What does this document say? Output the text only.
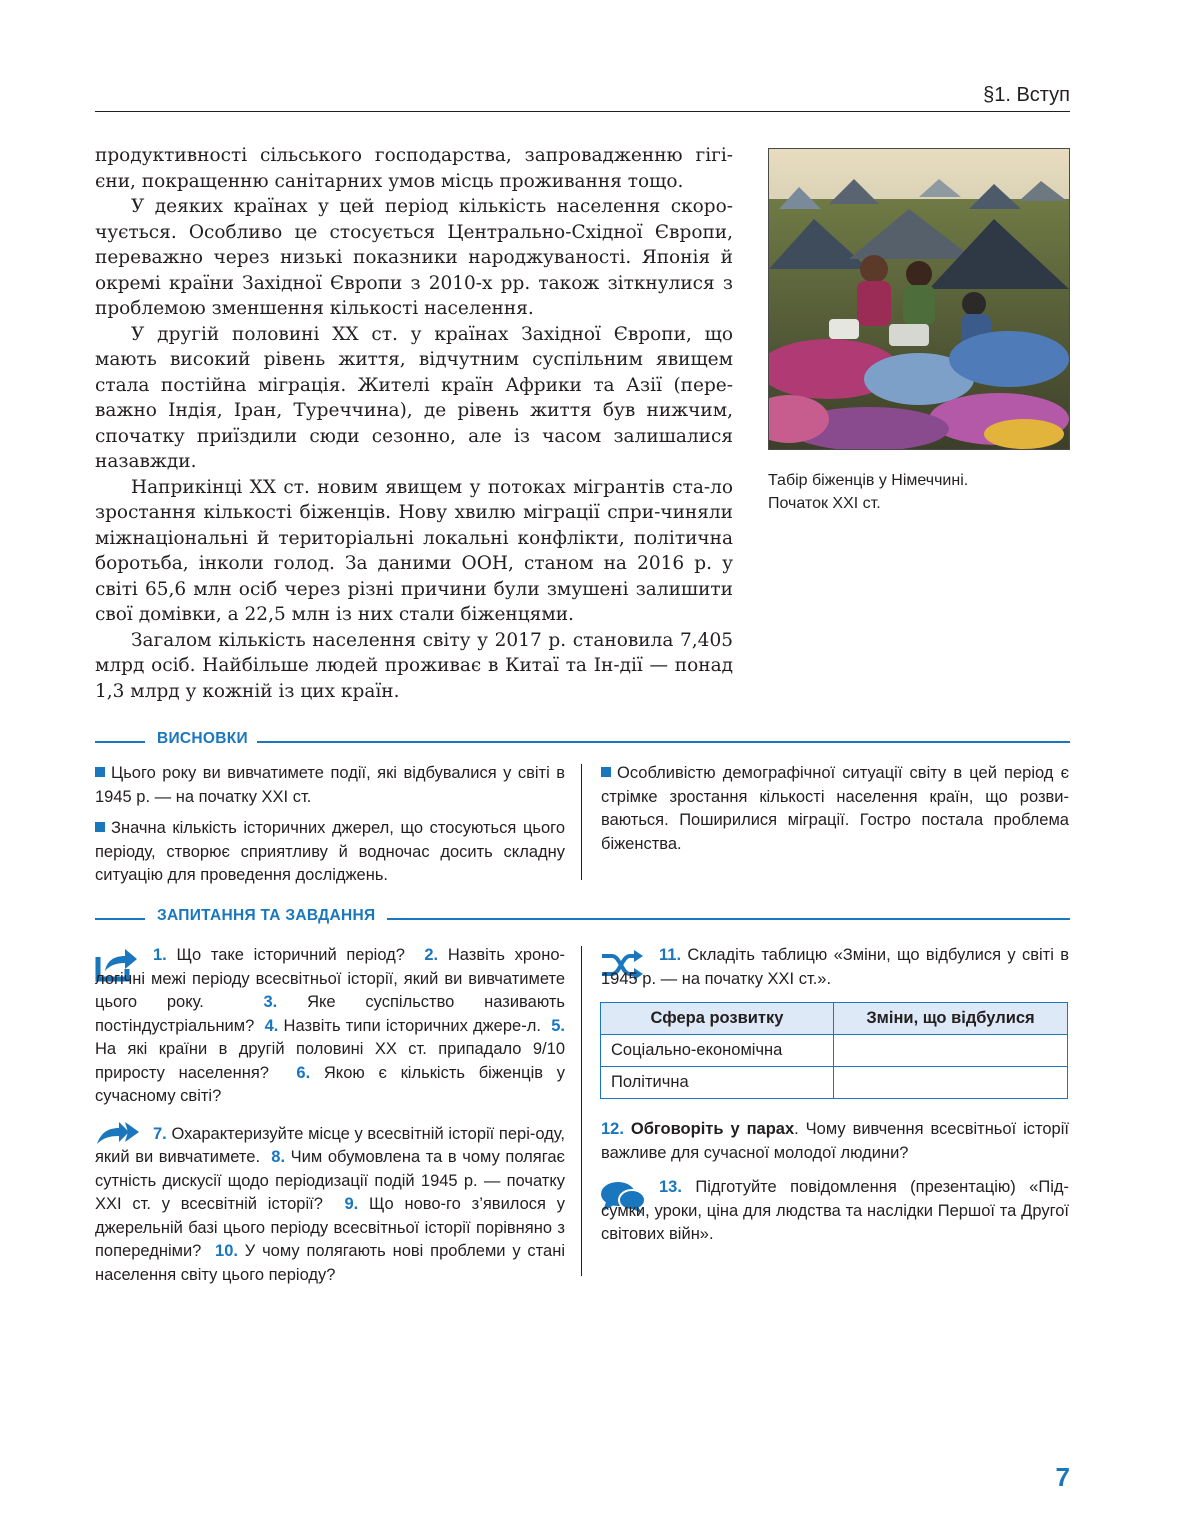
§1. Вступ

продуктивності сільського господарства, запровадженню гігі-єни, покращенню санітарних умов місць проживання тощо.

У деяких країнах у цей період кількість населення скоро-чується. Особливо це стосується Центрально-Східної Європи, переважно через низькі показники народжуваності. Японія й окремі країни Західної Європи з 2010-х рр. також зіткнулися з проблемою зменшення кількості населення.

У другій половині XX ст. у країнах Західної Європи, що мають високий рівень життя, відчутним суспільним явищем стала постійна міграція. Жителі країн Африки та Азії (пере-важно Індія, Іран, Туреччина), де рівень життя був нижчим, спочатку приїздили сюди сезонно, але із часом залишалися назавжди.

Наприкінці XX ст. новим явищем у потоках мігрантів ста-ло зростання кількості біженців. Нову хвилю міграції спри-чиняли міжнаціональні й територіальні локальні конфлікти, політична боротьба, інколи голод. За даними ООН, станом на 2016 р. у світі 65,6 млн осіб через різні причини були змушені залишити свої домівки, а 22,5 млн із них стали біженцями.

Загалом кількість населення світу у 2017 р. становила 7,405 млрд осіб. Найбільше людей проживає в Китаї та Ін-дії — понад 1,3 млрд у кожній із цих країн.

Табір біженців у Німеччині.
Початок XXI ст.
ВИСНОВКИ

Цього року ви вивчатимете події, які відбувалися у світі в 1945 р. — на початку XXI ст.

Значна кількість історичних джерел, що стосуються цього періоду, створює сприятливу й водночас досить складну ситуацію для проведення досліджень.

Особливістю демографічної ситуації світу в цей період є стрімке зростання кількості населення країн, що розви-ваються. Поширилися міграції. Гостро постала проблема біженства.

ЗАПИТАННЯ ТА ЗАВДАННЯ

1. Що таке історичний період? 2. Назвіть хроно-логічні межі періоду всесвітньої історії, який ви вивчатимете цього року.	3. Яке суспільство називають постіндустріальним? 4. Назвіть типи історичних джере-л. 5. На які країни в другій половині XX ст. припадало 9/10 приросту населення? 6. Якою є кількість біженців у сучасному світі?

7. Охарактеризуйте місце у всесвітній історії пері-оду, який ви вивчатимете. 8. Чим обумовлена та в чому полягає сутність дискусії щодо періодизації подій 1945 р. — початку XXI ст. у всесвітній історії? 9. Що ново-го з’явилося у джерельній базі цього періоду всесвітньої історії порівняно з попередніми? 10. У чому полягають нові проблеми у стані населення світу цього періоду?

11. Складіть таблицю «Зміни, що відбулися у світі в 1945 р. — на початку XXI ст.».

Сфера розвитку	Зміни, що відбулися
Соціально-економічна	
Політична	

12. Обговоріть у парах. Чому вивчення всесвітньої історії важливе для сучасної молодої людини?

13. Підготуйте повідомлення (презентацію) «Під-сумки, уроки, ціна для людства та наслідки Першої та Другої світових війн».

7
